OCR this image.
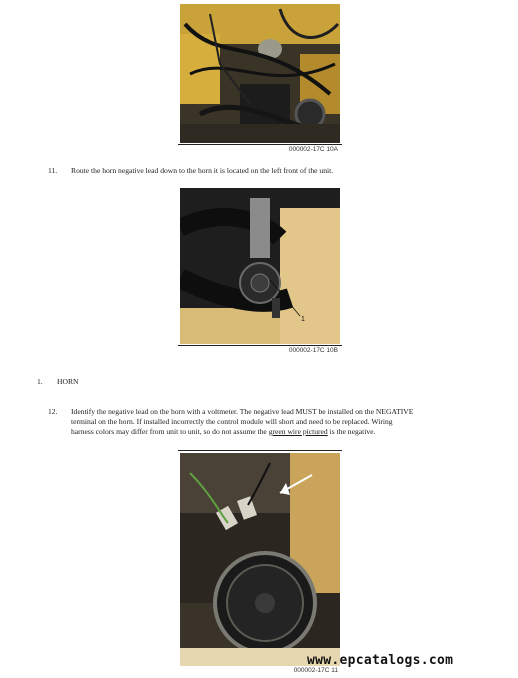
000002-17C 10A
11. Route the horn negative lead down to the horn it is located on the left front of the unit.
1
000002-17C 10B
1. HORN
12. Identify the negative lead on the horn with a voltmeter. The negative lead MUST be installed on the NEGATIVE
terminal on the horn. If installed incorrectly the control module will short and need to be replaced. Wiring
harness colors may differ from unit to unit, so do not assume the green wire pictured is the negative.
000002-17C 11
www.epcatalogs.com
